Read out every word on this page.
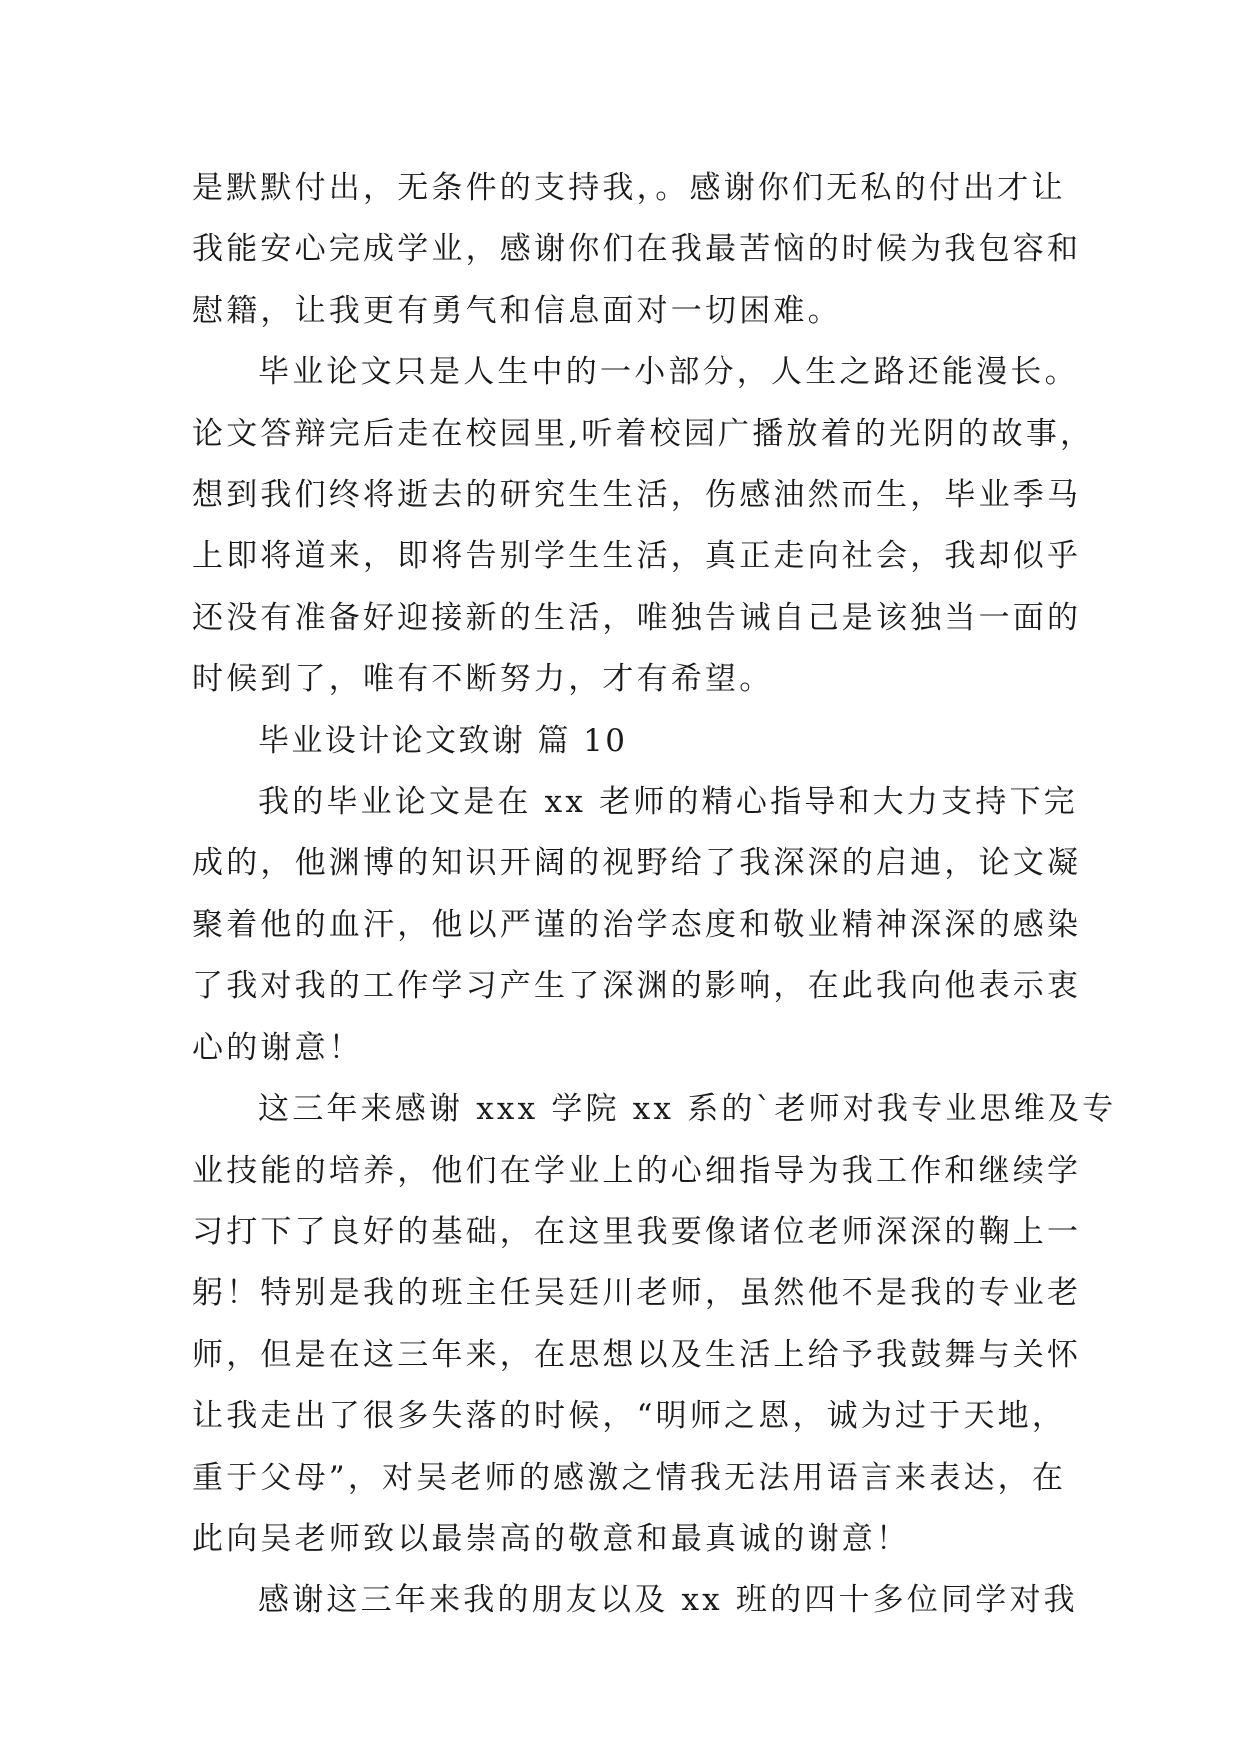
是默默付出，无条件的支持我，。感谢你们无私的付出才让
我能安心完成学业，感谢你们在我最苦恼的时候为我包容和
慰籍，让我更有勇气和信息面对一切困难。
毕业论文只是人生中的一小部分，人生之路还能漫长。
论文答辩完后走在校园里,听着校园广播放着的光阴的故事，
想到我们终将逝去的研究生生活，伤感油然而生，毕业季马
上即将道来，即将告别学生生活，真正走向社会，我却似乎
还没有准备好迎接新的生活，唯独告诫自己是该独当一面的
时候到了，唯有不断努力，才有希望。
毕业设计论文致谢 篇 10
我的毕业论文是在 xx 老师的精心指导和大力支持下完
成的，他渊博的知识开阔的视野给了我深深的启迪，论文凝
聚着他的血汗，他以严谨的治学态度和敬业精神深深的感染
了我对我的工作学习产生了深渊的影响，在此我向他表示衷
心的谢意！
这三年来感谢 xxx 学院 xx 系的`老师对我专业思维及专
业技能的培养，他们在学业上的心细指导为我工作和继续学
习打下了良好的基础，在这里我要像诸位老师深深的鞠上一
躬！特别是我的班主任吴廷川老师，虽然他不是我的专业老
师，但是在这三年来，在思想以及生活上给予我鼓舞与关怀
让我走出了很多失落的时候，“明师之恩，诚为过于天地，
重于父母”，对吴老师的感激之情我无法用语言来表达，在
此向吴老师致以最崇高的敬意和最真诚的谢意！
感谢这三年来我的朋友以及 xx 班的四十多位同学对我
